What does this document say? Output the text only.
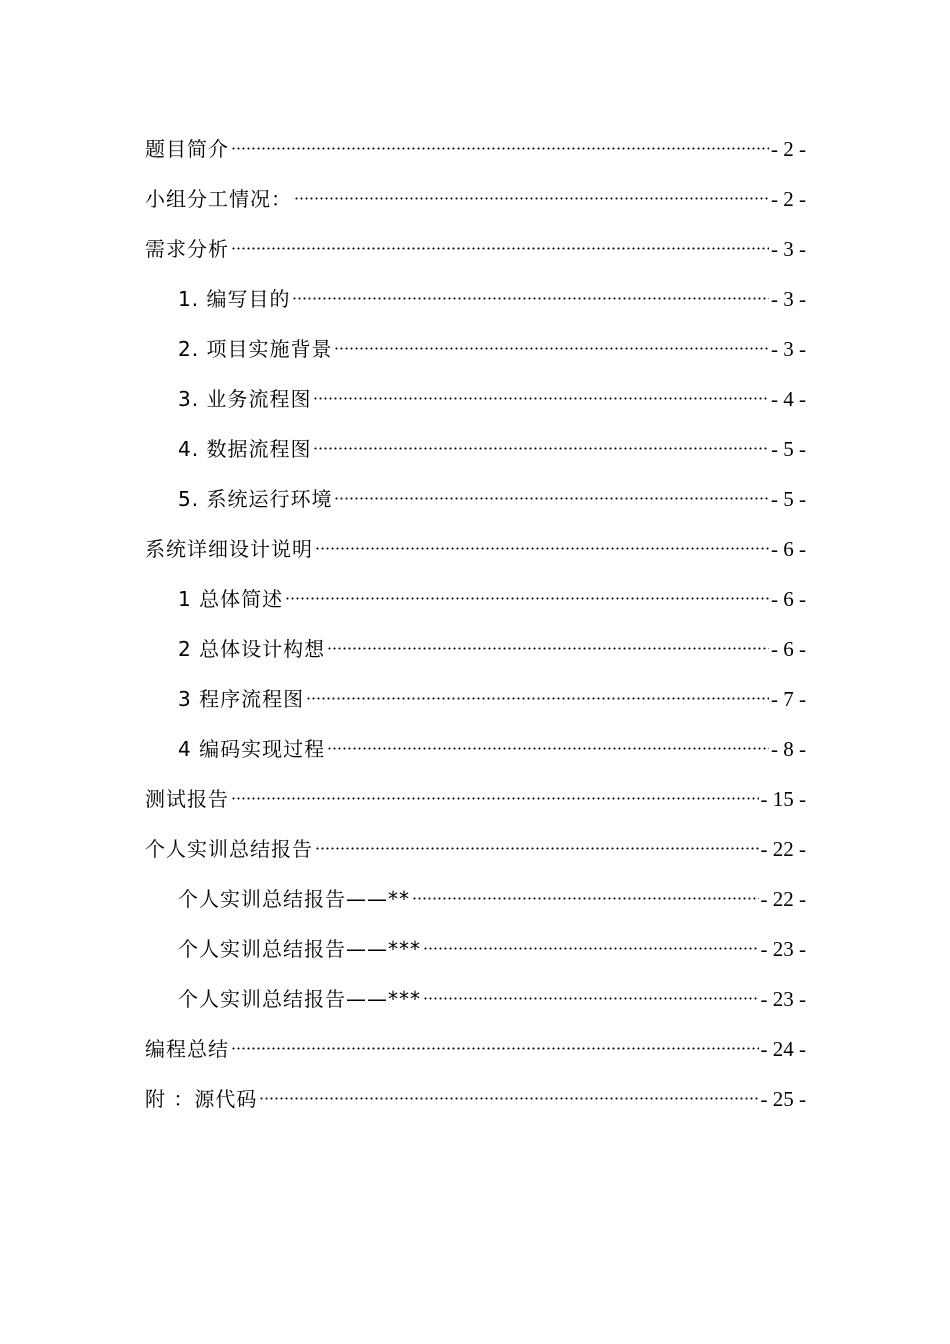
题目简介	- 2 -
小组分工情况：	- 2 -
需求分析	- 3 -
1. 编写目的	- 3 -
2. 项目实施背景	- 3 -
3. 业务流程图	- 4 -
4. 数据流程图	- 5 -
5. 系统运行环境	- 5 -
系统详细设计说明	- 6 -
1 总体简述	- 6 -
2 总体设计构想	- 6 -
3 程序流程图	- 7 -
4 编码实现过程	- 8 -
测试报告	- 15 -
个人实训总结报告	- 22 -
个人实训总结报告——**	- 22 -
个人实训总结报告——***	- 23 -
个人实训总结报告——***	- 23 -
编程总结	- 24 -
附 ：源代码	- 25 -
